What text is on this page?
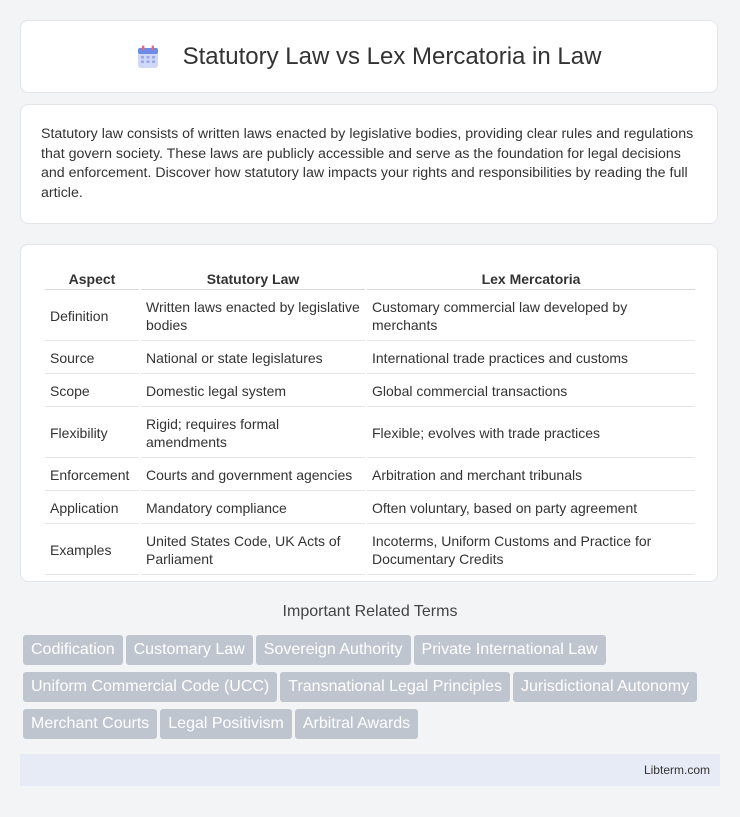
Statutory Law vs Lex Mercatoria in Law

Statutory law consists of written laws enacted by legislative bodies, providing clear rules and regulations that govern society. These laws are publicly accessible and serve as the foundation for legal decisions and enforcement. Discover how statutory law impacts your rights and responsibilities by reading the full article.

Aspect	Statutory Law	Lex Mercatoria
Definition	Written laws enacted by legislative bodies	Customary commercial law developed by merchants
Source	National or state legislatures	International trade practices and customs
Scope	Domestic legal system	Global commercial transactions
Flexibility	Rigid; requires formal amendments	Flexible; evolves with trade practices
Enforcement	Courts and government agencies	Arbitration and merchant tribunals
Application	Mandatory compliance	Often voluntary, based on party agreement
Examples	United States Code, UK Acts of Parliament	Incoterms, Uniform Customs and Practice for Documentary Credits
Important Related Terms
Codification Customary Law Sovereign Authority Private International LawUniform Commercial Code (UCC) Transnational Legal Principles Jurisdictional AutonomyMerchant Courts Legal Positivism Arbitral Awards
Libterm.com
